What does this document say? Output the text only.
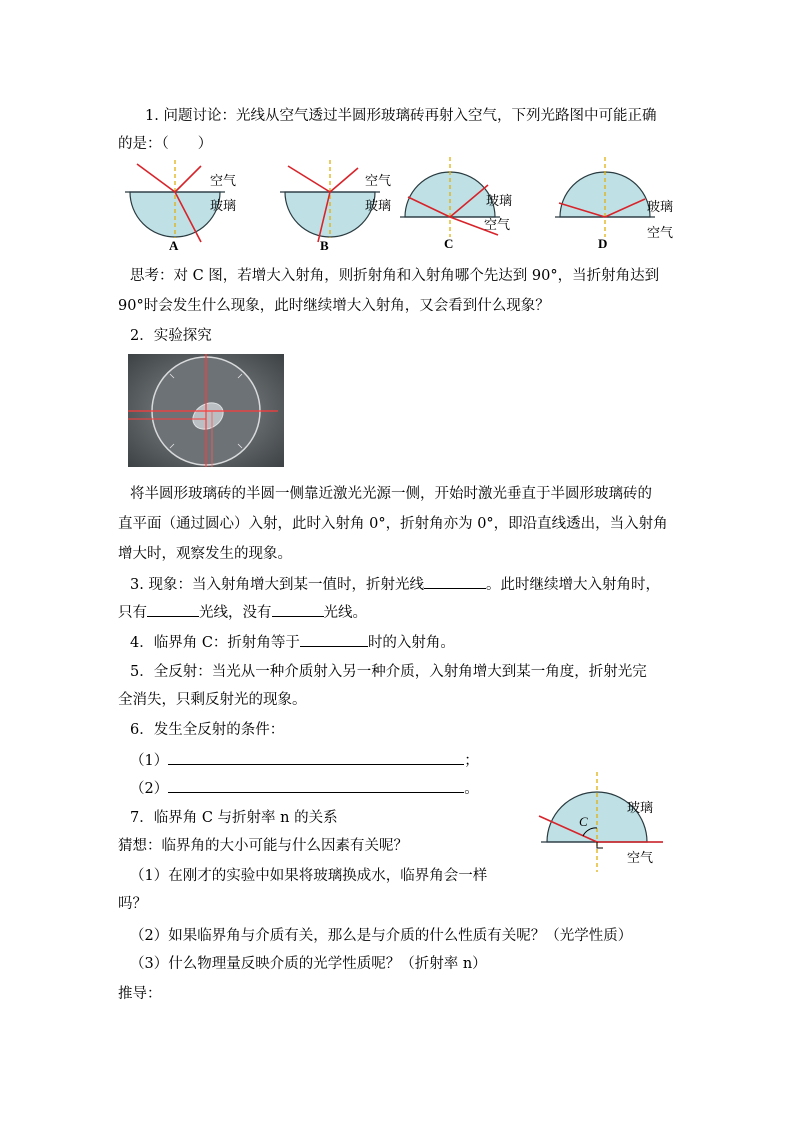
1. 问题讨论：光线从空气透过半圆形玻璃砖再射入空气，下列光路图中可能正确
的是：（　　）
空气
玻璃
A
空气
玻璃
B
玻璃
空气
C
玻璃
空气
D
思考：对 C 图，若增大入射角，则折射角和入射角哪个先达到 90°，当折射角达到
90°时会发生什么现象，此时继续增大入射角，又会看到什么现象？
2．实验探究
将半圆形玻璃砖的半圆一侧靠近激光光源一侧，开始时激光垂直于半圆形玻璃砖的
直平面（通过圆心）入射，此时入射角 0°，折射角亦为 0°，即沿直线透出，当入射角
增大时，观察发生的现象。
3. 现象：当入射角增大到某一值时，折射光线	。此时继续增大入射角时，
只有	光线，没有	光线。
4．临界角 C：折射角等于	时的入射角。
5．全反射：当光从一种介质射入另一种介质，入射角增大到某一角度，折射光完
全消失，只剩反射光的现象。
6．发生全反射的条件：
（1）	；
（2）	。
7．临界角 C 与折射率 n 的关系
猜想：临界角的大小可能与什么因素有关呢？
（1）在刚才的实验中如果将玻璃换成水，临界角会一样
吗？
（2）如果临界角与介质有关，那么是与介质的什么性质有关呢？（光学性质）
（3）什么物理量反映介质的光学性质呢？（折射率 n）
推导：
C
玻璃
空气
